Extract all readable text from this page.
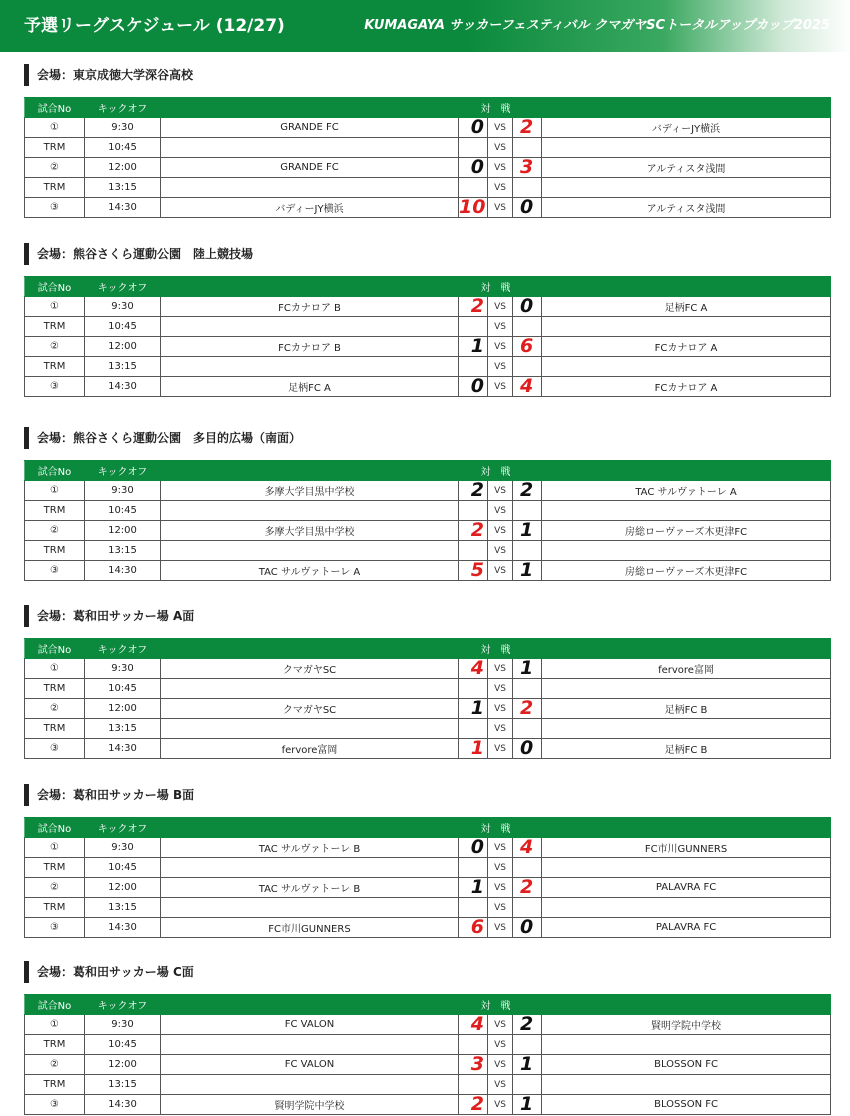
予選リーグスケジュール (12/27)	KUMAGAYA サッカーフェスティバル クマガヤSCトータルアップカップ2025
会場：東京成徳大学深谷高校
試合No	キックオフ	対　戦				
①	9:30	GRANDE FC	0	VS	2	バディーJY横浜
TRM	10:45			VS		
②	12:00	GRANDE FC	0	VS	3	アルティスタ浅間
TRM	13:15			VS		
③	14:30	バディーJY横浜	10	VS	0	アルティスタ浅間
会場：熊谷さくら運動公園　陸上競技場
試合No	キックオフ	対　戦				
①	9:30	FCカナロア B	2	VS	0	足柄FC A
TRM	10:45			VS		
②	12:00	FCカナロア B	1	VS	6	FCカナロア A
TRM	13:15			VS		
③	14:30	足柄FC A	0	VS	4	FCカナロア A
会場：熊谷さくら運動公園　多目的広場（南面）
試合No	キックオフ	対　戦				
①	9:30	多摩大学目黒中学校	2	VS	2	TAC サルヴァトーレ A
TRM	10:45			VS		
②	12:00	多摩大学目黒中学校	2	VS	1	房総ローヴァーズ木更津FC
TRM	13:15			VS		
③	14:30	TAC サルヴァトーレ A	5	VS	1	房総ローヴァーズ木更津FC
会場：葛和田サッカー場 A面
試合No	キックオフ	対　戦				
①	9:30	クマガヤSC	4	VS	1	fervore富岡
TRM	10:45			VS		
②	12:00	クマガヤSC	1	VS	2	足柄FC B
TRM	13:15			VS		
③	14:30	fervore富岡	1	VS	0	足柄FC B
会場：葛和田サッカー場 B面
試合No	キックオフ	対　戦				
①	9:30	TAC サルヴァトーレ B	0	VS	4	FC市川GUNNERS
TRM	10:45			VS		
②	12:00	TAC サルヴァトーレ B	1	VS	2	PALAVRA FC
TRM	13:15			VS		
③	14:30	FC市川GUNNERS	6	VS	0	PALAVRA FC
会場：葛和田サッカー場 C面
試合No	キックオフ	対　戦				
①	9:30	FC VALON	4	VS	2	賢明学院中学校
TRM	10:45			VS		
②	12:00	FC VALON	3	VS	1	BLOSSON FC
TRM	13:15			VS		
③	14:30	賢明学院中学校	2	VS	1	BLOSSON FC
